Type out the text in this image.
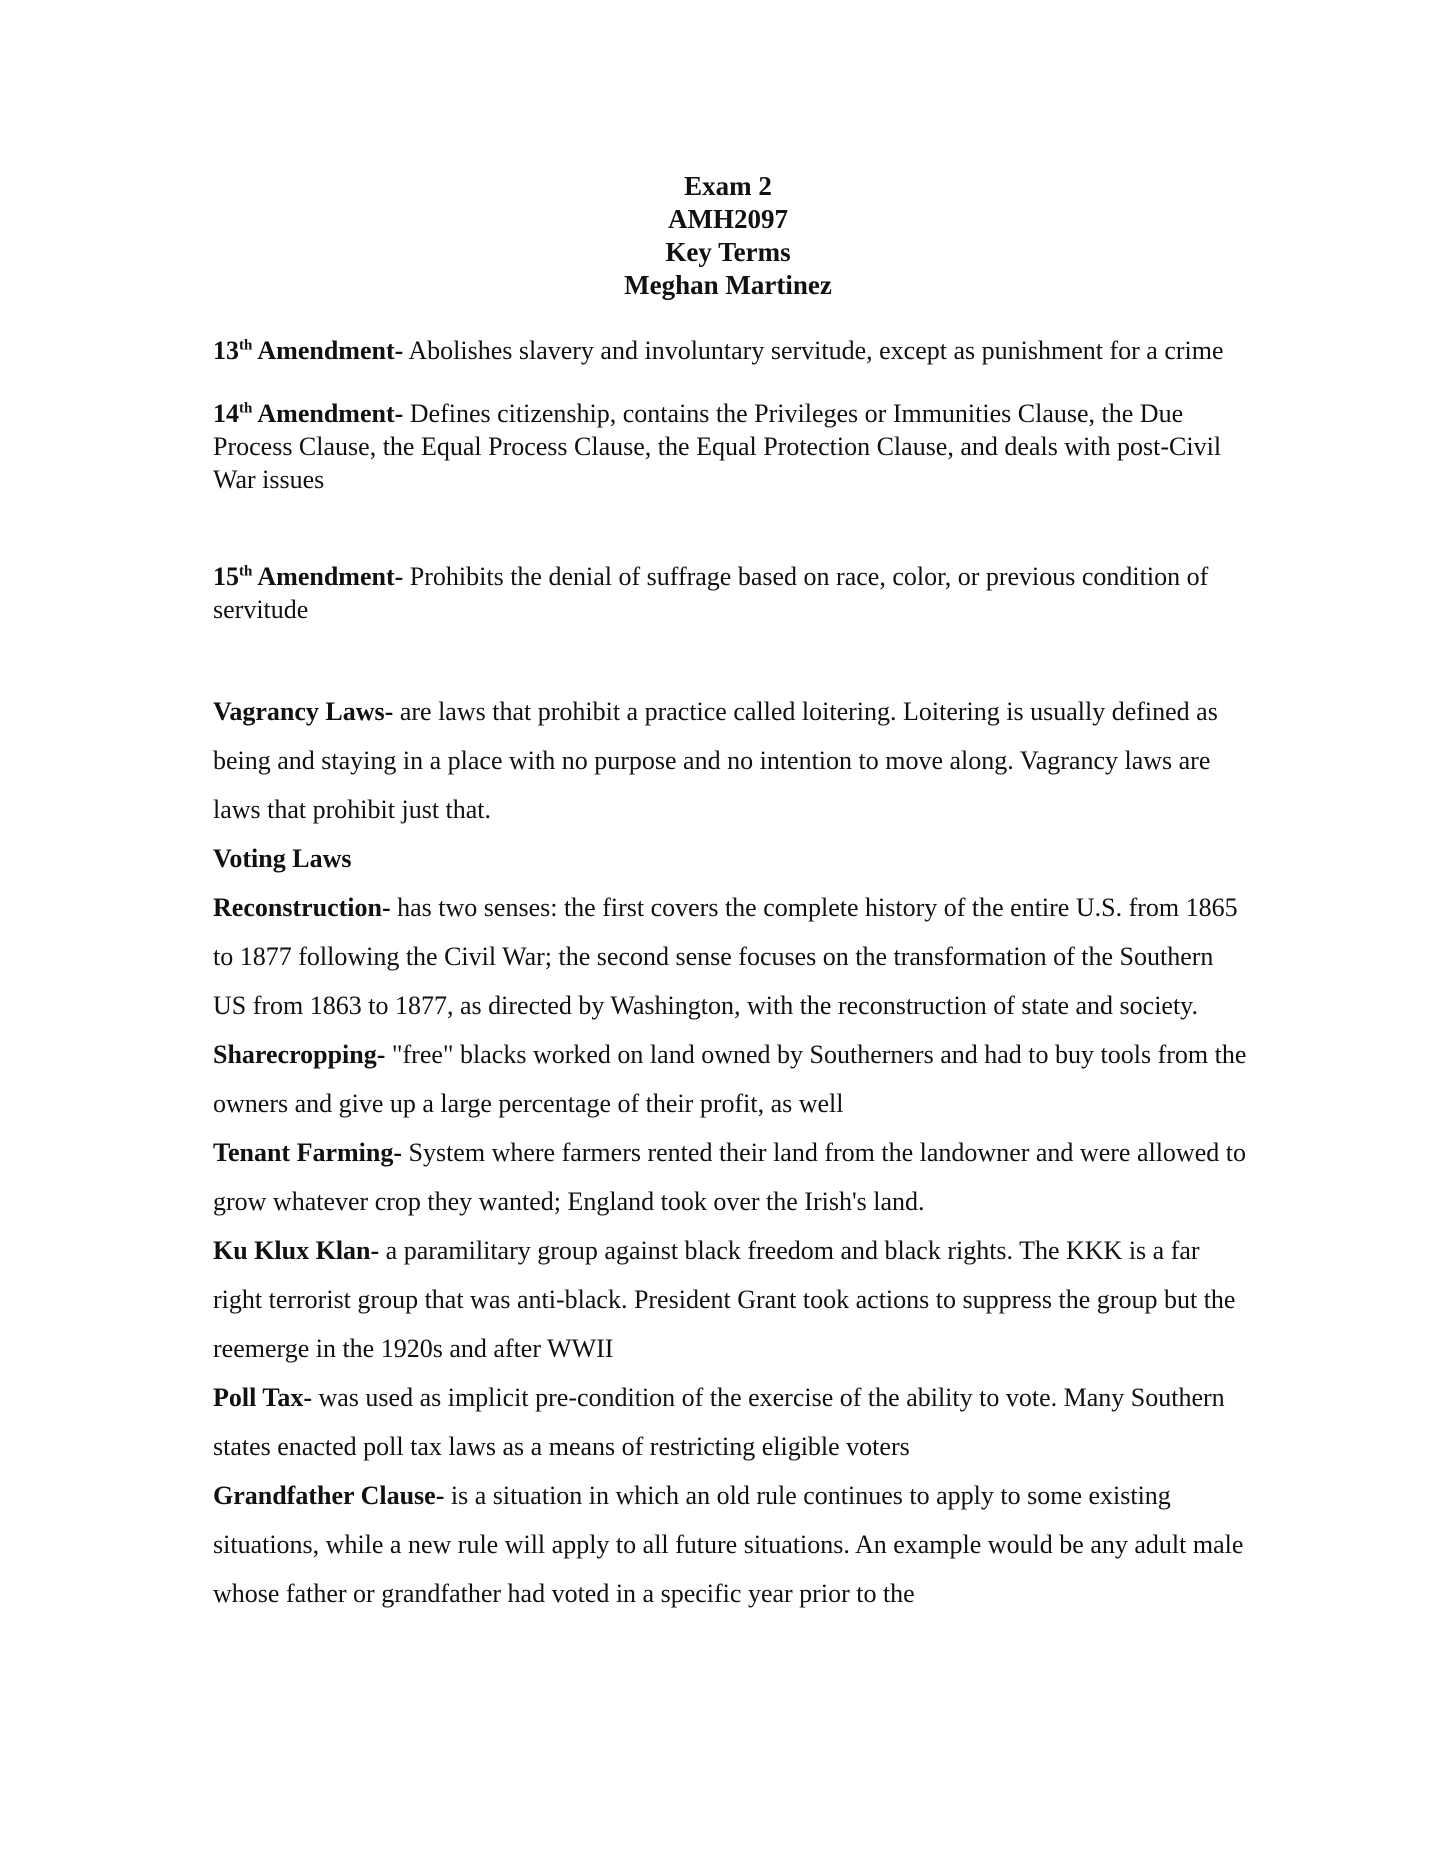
Exam 2
AMH2097
Key Terms
Meghan Martinez

13th Amendment- Abolishes slavery and involuntary servitude, except as punishment for a crime

14th Amendment- Defines citizenship, contains the Privileges or Immunities Clause, the Due Process Clause, the Equal Process Clause, the Equal Protection Clause, and deals with post-Civil War issues

15th Amendment- Prohibits the denial of suffrage based on race, color, or previous condition of servitude

Vagrancy Laws- are laws that prohibit a practice called loitering. Loitering is usually defined as being and staying in a place with no purpose and no intention to move along. Vagrancy laws are laws that prohibit just that.

Voting Laws

Reconstruction- has two senses: the first covers the complete history of the entire U.S. from 1865 to 1877 following the Civil War; the second sense focuses on the transformation of the Southern US from 1863 to 1877, as directed by Washington, with the reconstruction of state and society.

Sharecropping- "free" blacks worked on land owned by Southerners and had to buy tools from the owners and give up a large percentage of their profit, as well

Tenant Farming- System where farmers rented their land from the landowner and were allowed to grow whatever crop they wanted; England took over the Irish's land.

Ku Klux Klan- a paramilitary group against black freedom and black rights. The KKK is a far right terrorist group that was anti-black. President Grant took actions to suppress the group but the reemerge in the 1920s and after WWII

Poll Tax- was used as implicit pre-condition of the exercise of the ability to vote. Many Southern states enacted poll tax laws as a means of restricting eligible voters

Grandfather Clause- is a situation in which an old rule continues to apply to some existing situations, while a new rule will apply to all future situations. An example would be any adult male whose father or grandfather had voted in a specific year prior to the
